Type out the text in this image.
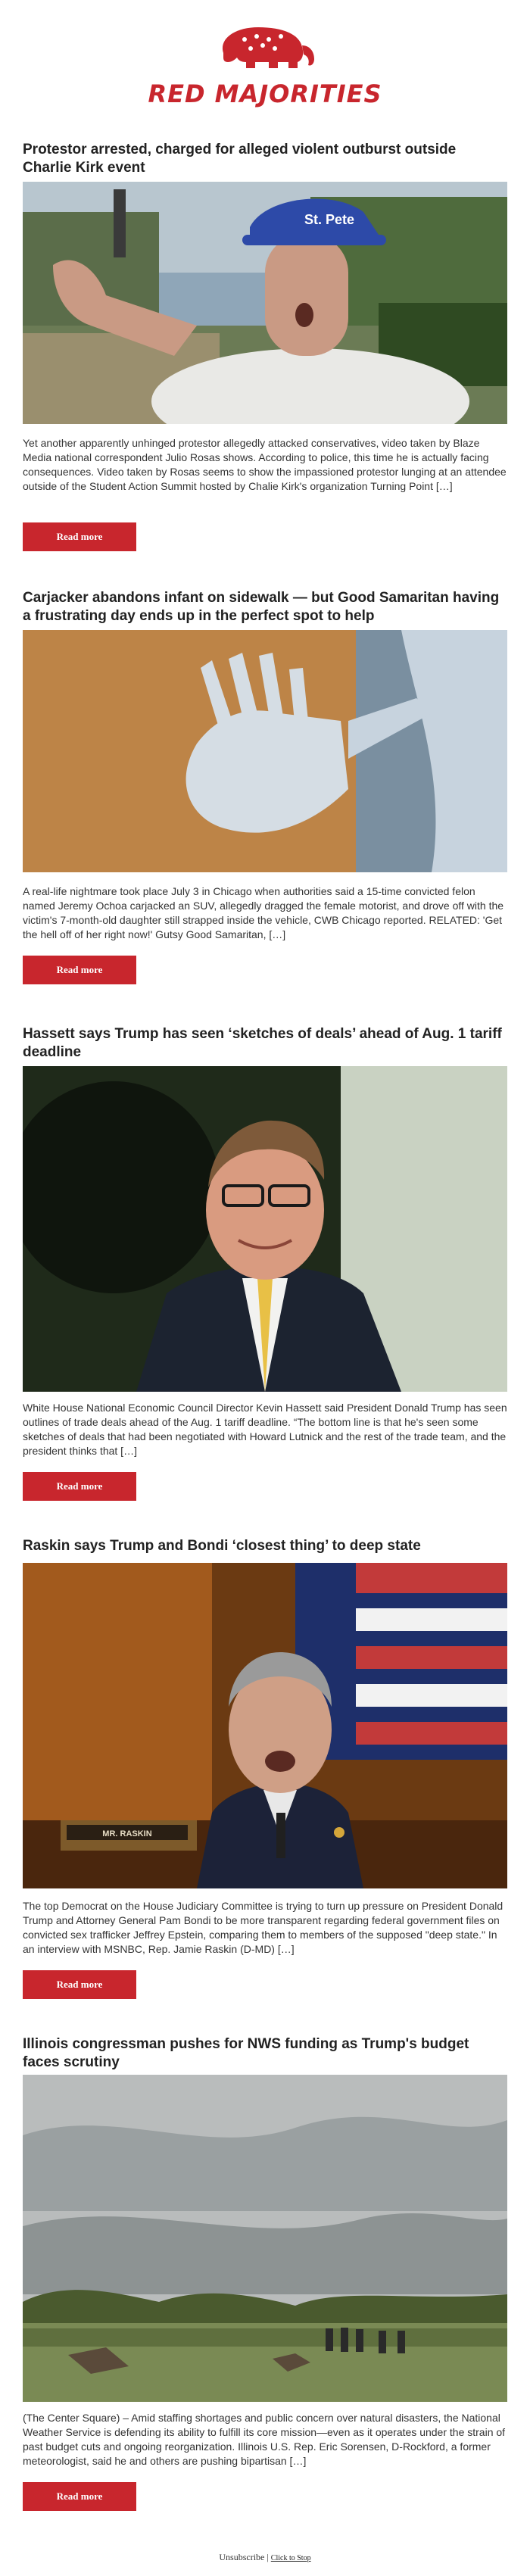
RED MAJORITIES
Protestor arrested, charged for alleged violent outburst outside Charlie Kirk event
St. Pete

Yet another apparently unhinged protestor allegedly attacked conservatives, video taken by Blaze Media national correspondent Julio Rosas shows. According to police, this time he is actually facing consequences. Video taken by Rosas seems to show the impassioned protestor lunging at an attendee outside of the Student Action Summit hosted by Chalie Kirk's organization Turning Point […]

Read more
Carjacker abandons infant on sidewalk — but Good Samaritan having a frustrating day ends up in the perfect spot to help

A real-life nightmare took place July 3 in Chicago when authorities said a 15-time convicted felon named Jeremy Ochoa carjacked an SUV, allegedly dragged the female motorist, and drove off with the victim's 7-month-old daughter still strapped inside the vehicle, CWB Chicago reported. RELATED: 'Get the hell off of her right now!' Gutsy Good Samaritan, […]

Read more
Hassett says Trump has seen ‘sketches of deals’ ahead of Aug. 1 tariff deadline

White House National Economic Council Director Kevin Hassett said President Donald Trump has seen outlines of trade deals ahead of the Aug. 1 tariff deadline. “The bottom line is that he's seen some sketches of deals that had been negotiated with Howard Lutnick and the rest of the trade team, and the president thinks that […]

Read more
Raskin says Trump and Bondi ‘closest thing’ to deep state
MR. RASKIN

The top Democrat on the House Judiciary Committee is trying to turn up pressure on President Donald Trump and Attorney General Pam Bondi to be more transparent regarding federal government files on convicted sex trafficker Jeffrey Epstein, comparing them to members of the supposed "deep state." In an interview with MSNBC, Rep. Jamie Raskin (D-MD) […]

Read more
Illinois congressman pushes for NWS funding as Trump's budget faces scrutiny

(The Center Square) – Amid staffing shortages and public concern over natural disasters, the National Weather Service is defending its ability to fulfill its core mission—even as it operates under the strain of past budget cuts and ongoing reorganization. Illinois U.S. Rep. Eric Sorensen, D-Rockford, a former meteorologist, said he and others are pushing bipartisan […]

Read more
Unsubscribe | Click to Stop
